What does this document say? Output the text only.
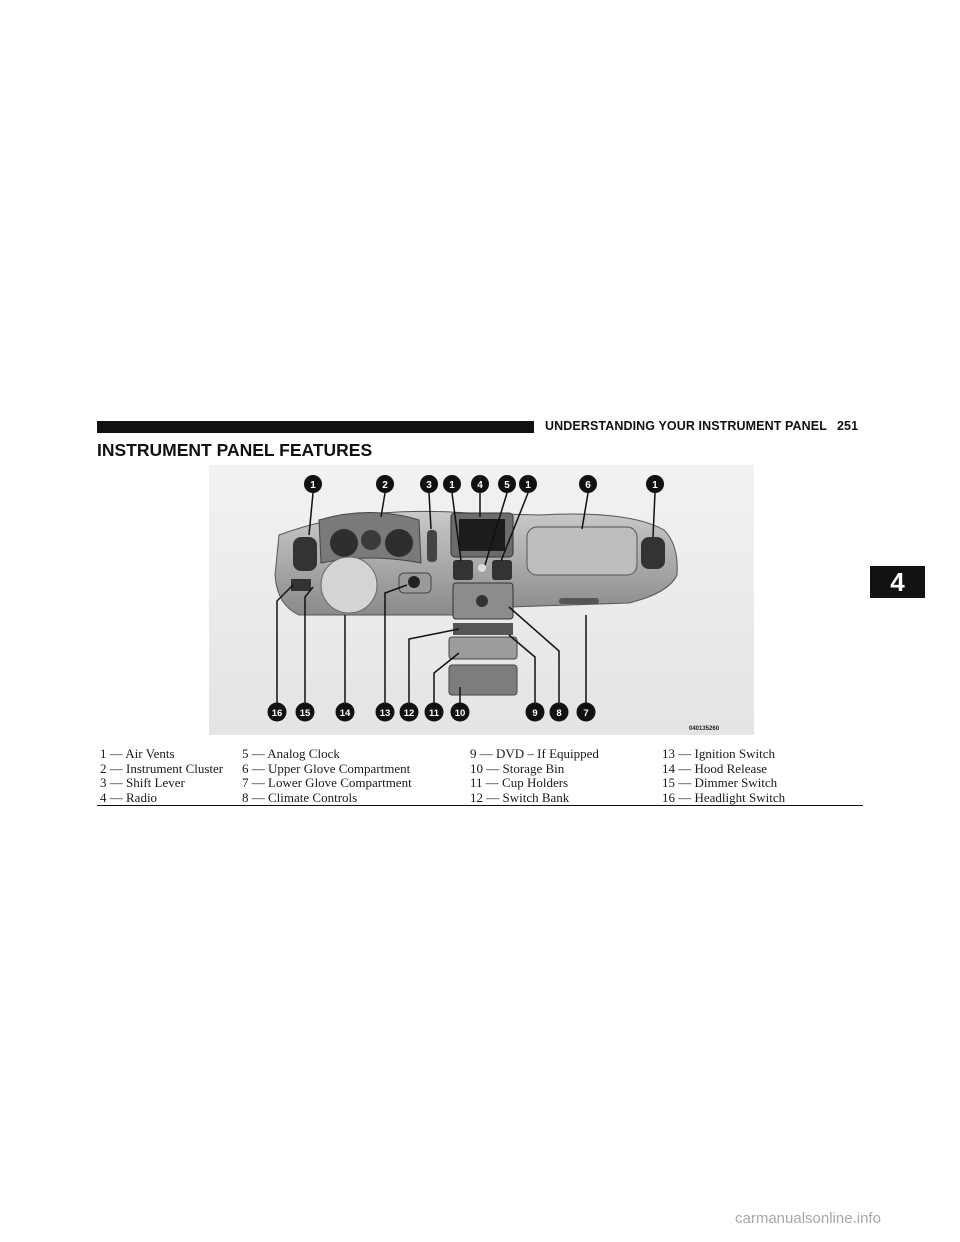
UNDERSTANDING YOUR INSTRUMENT PANEL 251
INSTRUMENT PANEL FEATURES
4
1	2	3 1 4 5 1	6	1
16 15	14	13 12 11 10	9 8 7
040135260
1 — Air Vents
2 — Instrument Cluster
3 — Shift Lever
4 — Radio
5 — Analog Clock
6 — Upper Glove Compartment
7 — Lower Glove Compartment
8 — Climate Controls
9 — DVD – If Equipped
10 — Storage Bin
11 — Cup Holders
12 — Switch Bank
13 — Ignition Switch
14 — Hood Release
15 — Dimmer Switch
16 — Headlight Switch
carmanualsonline.info
